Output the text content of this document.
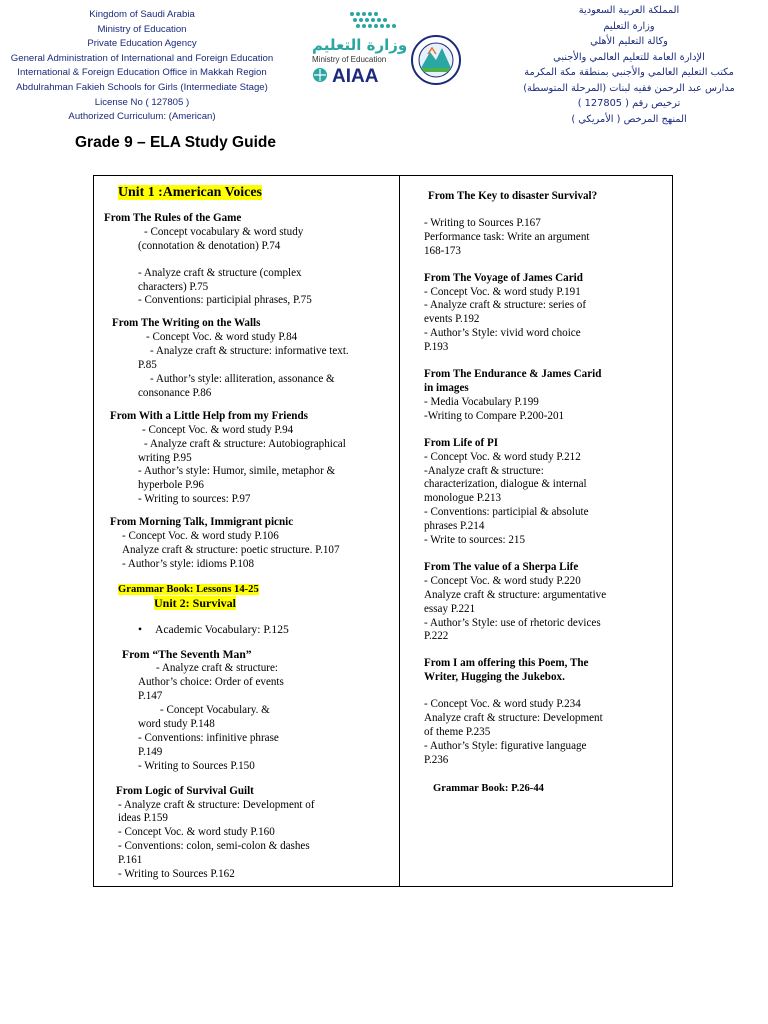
Kingdom of Saudi Arabia
Ministry of Education
Private Education Agency
General Administration of International and Foreign Education
International & Foreign Education Office in Makkah Region
Abdulrahman Fakieh Schools for Girls (Intermediate Stage)
License No ( 127805 )
Authorized Curriculum: (American)
وزارة التعليم
Ministry of Education
AIAA
المملكة العربية السعودية
وزارة التعليم
وكالة التعليم الأهلي
الإدارة العامة للتعليم العالمي والأجنبي
مكتب التعليم العالمي والأجنبي بمنطقة مكة المكرمة
مدارس عبد الرحمن فقيه لبنات (المرحلة المتوسطة)
ترخيص رقم ( 127805 )
المنهج المرخص ( الأمريكي )
Grade 9 – ELA Study Guide
Unit 1 :American Voices
From The Rules of the Game
- Concept vocabulary & word study
(connotation & denotation) P.74
- Analyze craft & structure (complex
characters) P.75
- Conventions: participial phrases, P.75
From The Writing on the Walls
- Concept Voc. & word study P.84
- Analyze craft & structure: informative text.
P.85
- Author’s style: alliteration, assonance &
consonance P.86
From With a Little Help from my Friends
- Concept Voc. & word study P.94
- Analyze craft & structure: Autobiographical
writing P.95
- Author’s style: Humor, simile, metaphor &
hyperbole P.96
- Writing to sources: P.97
From Morning Talk, Immigrant picnic
- Concept Voc. & word study P.106
Analyze craft & structure: poetic structure. P.107
- Author’s style: idioms P.108
Grammar Book: Lessons 14-25
Unit 2: Survival
• Academic Vocabulary: P.125
From “The Seventh Man”
- Analyze craft & structure:
Author’s choice: Order of events
P.147
- Concept Vocabulary. &
word study P.148
- Conventions: infinitive phrase
P.149
- Writing to Sources P.150
From Logic of Survival Guilt
- Analyze craft & structure: Development of
ideas P.159
- Concept Voc. & word study P.160
- Conventions: colon, semi-colon & dashes
P.161
- Writing to Sources P.162
From The Key to disaster Survival?
- Writing to Sources P.167
Performance task: Write an argument
168-173
From The Voyage of James Carid
- Concept Voc. & word study P.191
- Analyze craft & structure: series of
events P.192
- Author’s Style: vivid word choice
P.193
From The Endurance & James Carid
in images
- Media Vocabulary P.199
-Writing to Compare P.200-201
From Life of PI
- Concept Voc. & word study P.212
-Analyze craft & structure:
characterization, dialogue & internal
monologue P.213
- Conventions: participial & absolute
phrases P.214
- Write to sources: 215
From The value of a Sherpa Life
- Concept Voc. & word study P.220
Analyze craft & structure: argumentative
essay P.221
- Author’s Style: use of rhetoric devices
P.222
From I am offering this Poem, The
Writer, Hugging the Jukebox.
- Concept Voc. & word study P.234
Analyze craft & structure: Development
of theme P.235
- Author’s Style: figurative language
P.236
Grammar Book: P.26-44
